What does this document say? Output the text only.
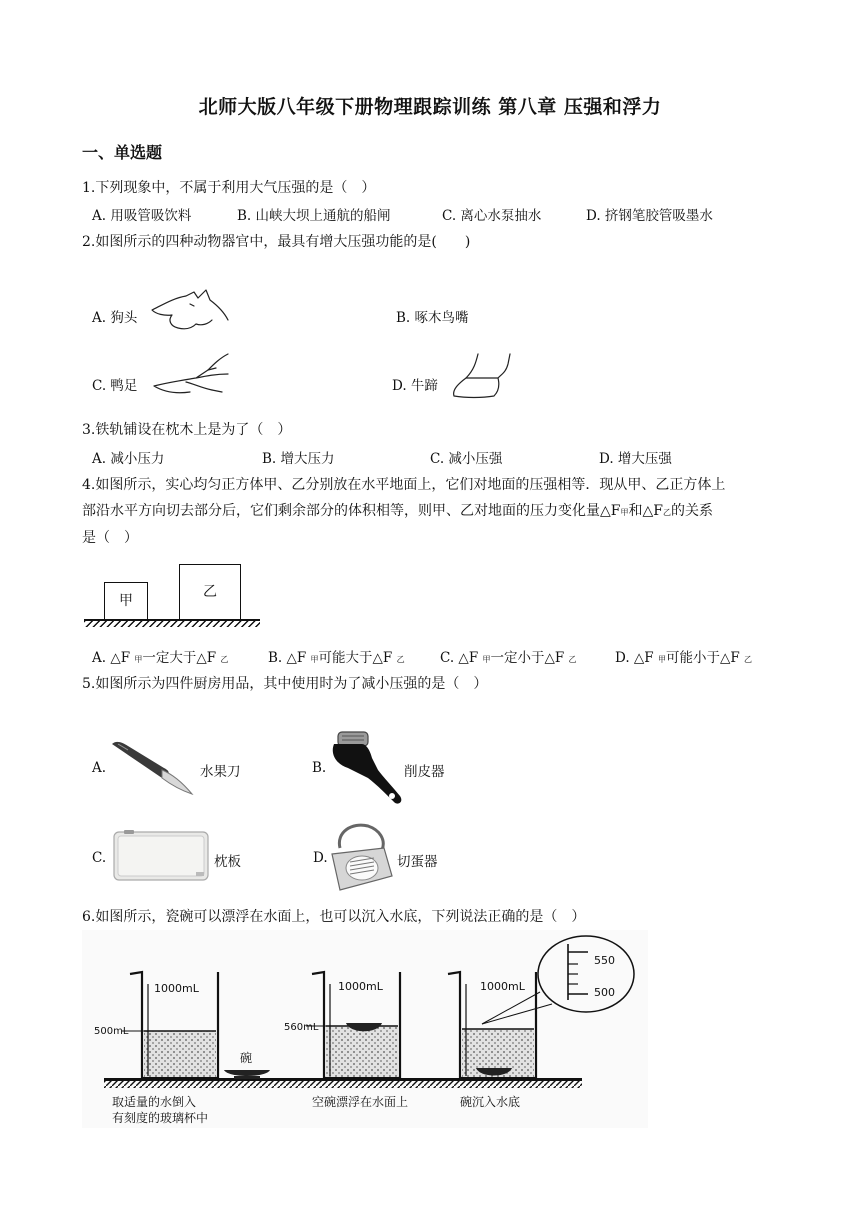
北师大版八年级下册物理跟踪训练 第八章 压强和浮力
一、单选题
1.下列现象中，不属于利用大气压强的是（　）
A. 用吸管吸饮料	B. 山峡大坝上通航的船闸	C. 离心水泵抽水	D. 挤钢笔胶管吸墨水
2.如图所示的四种动物器官中，最具有增大压强功能的是(　　)
A. 狗头	B. 啄木鸟嘴
C. 鸭足	D. 牛蹄
3.铁轨铺设在枕木上是为了（　）
A. 减小压力	B. 增大压力	C. 减小压强	D. 增大压强
4.如图所示，实心均匀正方体甲、乙分别放在水平地面上，它们对地面的压强相等．现从甲、乙正方体上
部沿水平方向切去部分后，它们剩余部分的体积相等，则甲、乙对地面的压力变化量△F甲和△F乙的关系
是（　）
甲
乙
A. △F 甲一定大于△F 乙	B. △F 甲可能大于△F 乙	C. △F 甲一定小于△F 乙	D. △F 甲可能小于△F 乙
5.如图所示为四件厨房用品，其中使用时为了减小压强的是（　）
A.	水果刀	B.	削皮器
C.	枕板	D.	切蛋器
6.如图所示，瓷碗可以漂浮在水面上，也可以沉入水底，下列说法正确的是（　）
1000mL
500mL
碗
取适量的水倒入
有刻度的玻璃杯中
1000mL
560mL
空碗漂浮在水面上
1000mL
碗沉入水底
550
500
